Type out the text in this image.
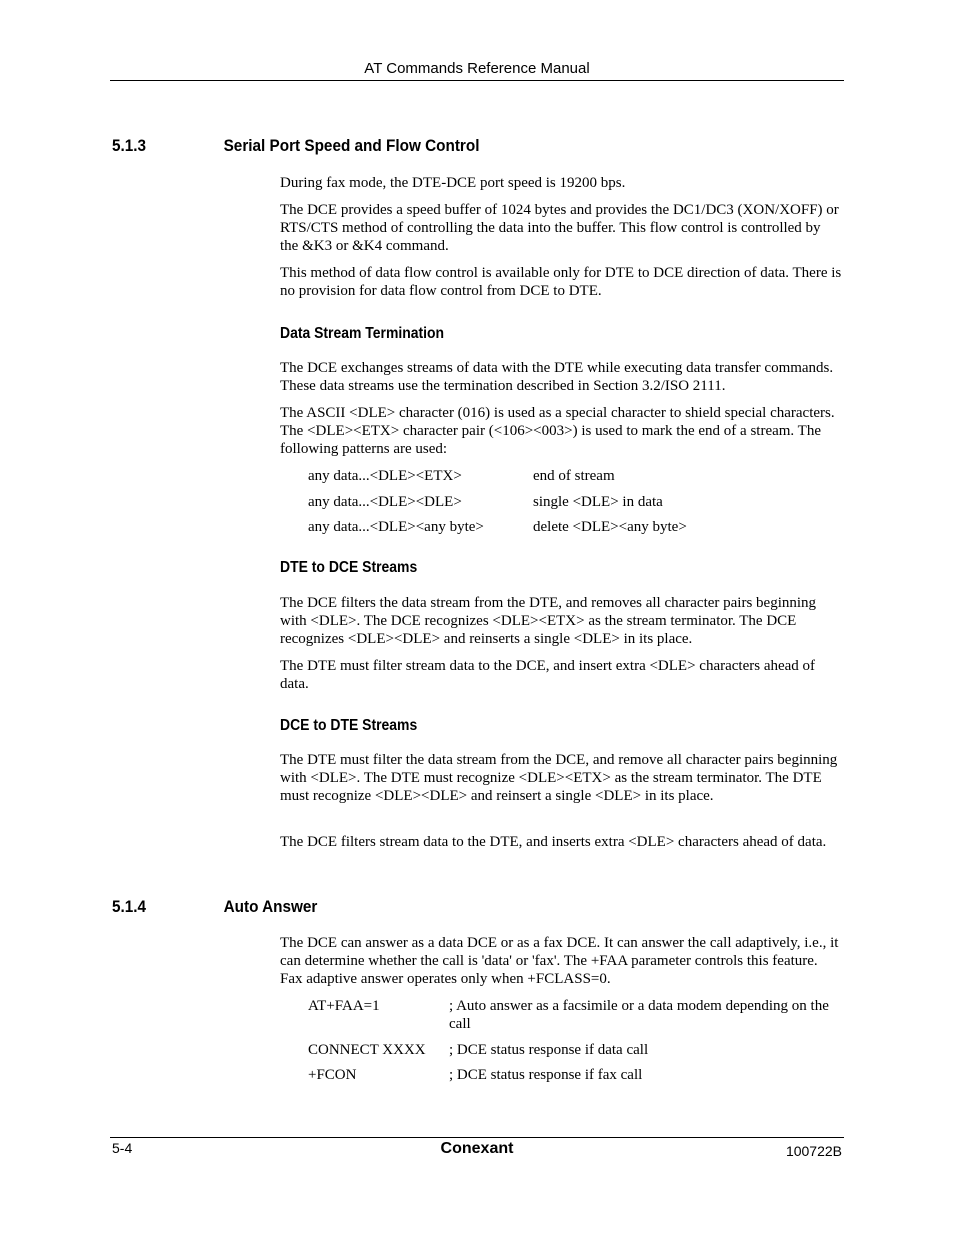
AT Commands Reference Manual
5.1.3	Serial Port Speed and Flow Control

During fax mode, the DTE-DCE port speed is 19200 bps.

The DCE provides a speed buffer of 1024 bytes and provides the DC1/DC3 (XON/XOFF) or RTS/CTS method of controlling the data into the buffer. This flow control is controlled by the &K3 or &K4 command.

This method of data flow control is available only for DTE to DCE direction of data. There is no provision for data flow control from DCE to DTE.

Data Stream Termination

The DCE exchanges streams of data with the DTE while executing data transfer commands. These data streams use the termination described in Section 3.2/ISO 2111.

The ASCII <DLE> character (016) is used as a special character to shield special characters. The <DLE><ETX> character pair (<106><003>) is used to mark the end of a stream. The following patterns are used:

any data...<DLE><ETX>	end of stream
any data...<DLE><DLE>	single <DLE> in data
any data...<DLE><any byte>	delete <DLE><any byte>
DTE to DCE Streams

The DCE filters the data stream from the DTE, and removes all character pairs beginning with <DLE>. The DCE recognizes <DLE><ETX> as the stream terminator. The DCE recognizes <DLE><DLE> and reinserts a single <DLE> in its place.

The DTE must filter stream data to the DCE, and insert extra <DLE> characters ahead of data.

DCE to DTE Streams

The DTE must filter the data stream from the DCE, and remove all character pairs beginning with <DLE>. The DTE must recognize <DLE><ETX> as the stream terminator. The DTE must recognize <DLE><DLE> and reinsert a single <DLE> in its place.

The DCE filters stream data to the DTE, and inserts extra <DLE> characters ahead of data.

5.1.4	Auto Answer

The DCE can answer as a data DCE or as a fax DCE. It can answer the call adaptively, i.e., it can determine whether the call is 'data' or 'fax'. The +FAA parameter controls this feature. Fax adaptive answer operates only when +FCLASS=0.

AT+FAA=1	; Auto answer as a facsimile or a data modem depending on the call
CONNECT XXXX ; DCE status response if data call
+FCON	; DCE status response if fax call
5-4	Conexant	100722B
